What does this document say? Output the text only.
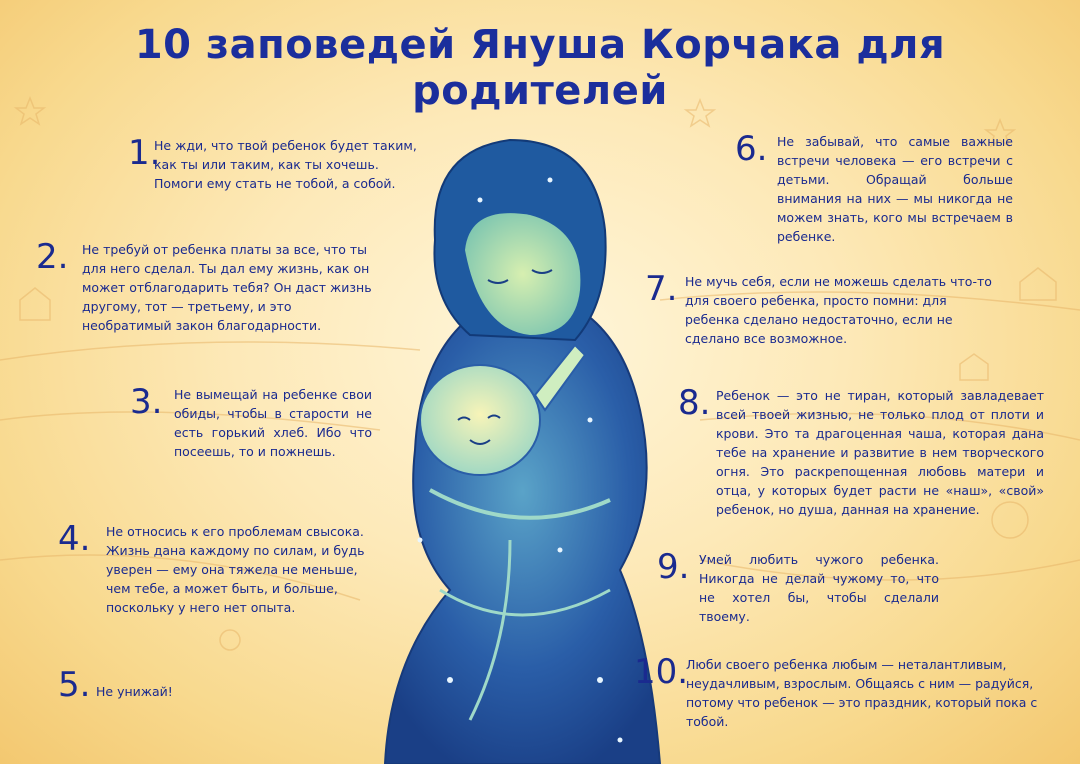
10 заповедей Януша Корчака для родителей
1.
Не жди, что твой ребенок будет таким, как ты или таким, как ты хочешь. Помоги ему стать не тобой, а собой.
2. Не требуй от ребенка платы за все, что ты для него сделал. Ты дал ему жизнь, как он может отблагодарить тебя? Он даст жизнь другому, тот — третьему, и это необратимый закон благодарности.
3. Не вымещай на ребенке свои обиды, чтобы в старости не есть горький хлеб. Ибо что посеешь, то и пожнешь.
4. Не относись к его проблемам свысока. Жизнь дана каждому по силам, и будь уверен — ему она тяжела не меньше, чем тебе, а может быть, и больше, поскольку у него нет опыта.
5. Не унижай!
6. Не забывай, что самые важные встречи человека — его встречи с детьми. Обращай больше внимания на них — мы никогда не можем знать, кого мы встречаем в ребенке.
7. Не мучь себя, если не можешь сделать что-то для своего ребенка, просто помни: для ребенка сделано недостаточно, если не сделано все возможное.
8. Ребенок — это не тиран, который завладевает всей твоей жизнью, не только плод от плоти и крови. Это та драгоценная чаша, которая дана тебе на хранение и развитие в нем творческого огня. Это раскрепощенная любовь матери и отца, у которых будет расти не «наш», «свой» ребенок, но душа, данная на хранение.
9. Умей любить чужого ребенка. Никогда не делай чужому то, что не хотел бы, чтобы сделали твоему.
10.
Люби своего ребенка любым — неталантливым, неудачливым, взрослым. Общаясь с ним — радуйся, потому что ребенок — это праздник, который пока с тобой.
